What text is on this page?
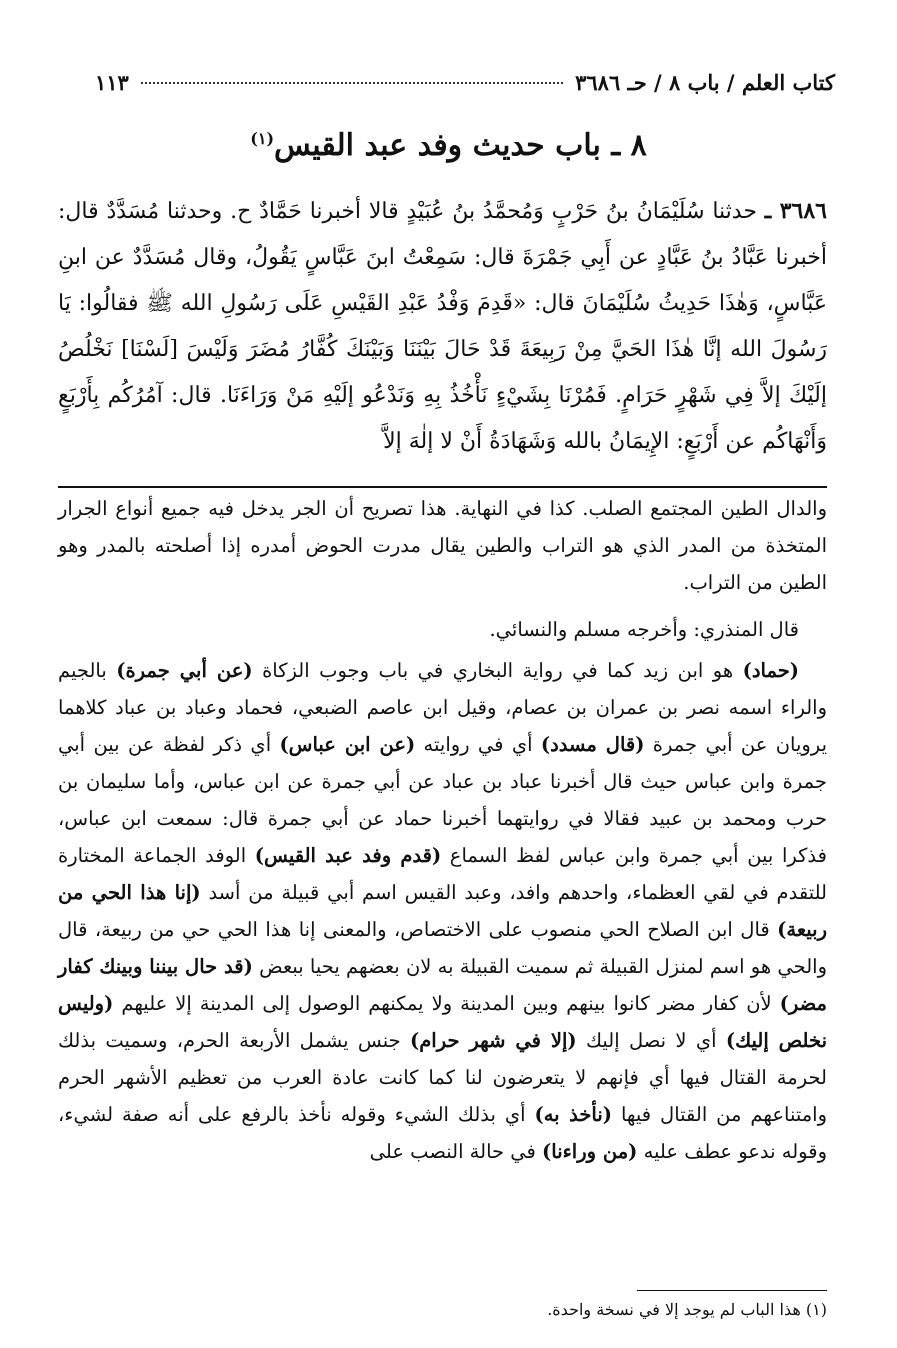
كتاب العلم / باب ٨ / حـ ٣٦٨٦
١١٣
٨ ـ باب حديث وفد عبد القيس$^{(١)}$
٣٦٨٦ ـ حدثنا سُلَيْمَانُ بنُ حَرْبٍ وَمُحمَّدُ بنُ عُبَيْدٍ قالا أخبرنا حَمَّادٌ ح. وحدثنا مُسَدَّدٌ قال: أخبرنا عَبَّادُ بنُ عَبَّادٍ عن أَبِي جَمْرَةَ قال: سَمِعْتُ ابنَ عَبَّاسٍ يَقُولُ، وقال مُسَدَّدٌ عن ابنِ عَبَّاسٍ، وَهٰذَا حَدِيثُ سُلَيْمَانَ قال: «قَدِمَ وَفْدُ عَبْدِ القَيْسِ عَلَى رَسُولِ الله ﷺ فقالُوا: يَا رَسُولَ الله إنَّا هٰذَا الحَيَّ مِنْ رَبِيعَةَ قَدْ حَالَ بَيْنَنَا وَبَيْنَكَ كُفَّارُ مُضَرَ وَلَيْسَ [لَسْنَا] نَخْلُصُ إلَيْكَ إلاَّ فِي شَهْرٍ حَرَامٍ. فَمُرْنَا بِشَيْءٍ نَأْخُذُ بِهِ وَنَدْعُو إلَيْهِ مَنْ وَرَاءَنَا. قال: آمُرُكُم بِأَرْبَعٍ وَأَنْهَاكُم عن أَرْبَعٍ: الإِيمَانُ بالله وَشَهَادَةُ أَنْ لا إلٰهَ إلاَّ

والدال الطين المجتمع الصلب. كذا في النهاية. هذا تصريح أن الجر يدخل فيه جميع أنواع الجرار المتخذة من المدر الذي هو التراب والطين يقال مدرت الحوض أمدره إذا أصلحته بالمدر وهو الطين من التراب.

قال المنذري: وأخرجه مسلم والنسائي.

(حماد) هو ابن زيد كما في رواية البخاري في باب وجوب الزكاة (عن أبي جمرة) بالجيم والراء اسمه نصر بن عمران بن عصام، وقيل ابن عاصم الضبعي، فحماد وعباد بن عباد كلاهما يرويان عن أبي جمرة (قال مسدد) أي في روايته (عن ابن عباس) أي ذكر لفظة عن بين أبي جمرة وابن عباس حيث قال أخبرنا عباد بن عباد عن أبي جمرة عن ابن عباس، وأما سليمان بن حرب ومحمد بن عبيد فقالا في روايتهما أخبرنا حماد عن أبي جمرة قال: سمعت ابن عباس، فذكرا بين أبي جمرة وابن عباس لفظ السماع (قدم وفد عبد القيس) الوفد الجماعة المختارة للتقدم في لقي العظماء، واحدهم وافد، وعبد القيس اسم أبي قبيلة من أسد (إنا هذا الحي من ربيعة) قال ابن الصلاح الحي منصوب على الاختصاص، والمعنى إنا هذا الحي حي من ربيعة، قال والحي هو اسم لمنزل القبيلة ثم سميت القبيلة به لان بعضهم يحيا ببعض (قد حال بيننا وبينك كفار مضر) لأن كفار مضر كانوا بينهم وبين المدينة ولا يمكنهم الوصول إلى المدينة إلا عليهم (وليس نخلص إليك) أي لا نصل إليك (إلا في شهر حرام) جنس يشمل الأربعة الحرم، وسميت بذلك لحرمة القتال فيها أي فإنهم لا يتعرضون لنا كما كانت عادة العرب من تعظيم الأشهر الحرم وامتناعهم من القتال فيها (نأخذ به) أي بذلك الشيء وقوله نأخذ بالرفع على أنه صفة لشيء، وقوله ندعو عطف عليه (من وراءنا) في حالة النصب على

(١) هذا الباب لم يوجد إلا في نسخة واحدة.
